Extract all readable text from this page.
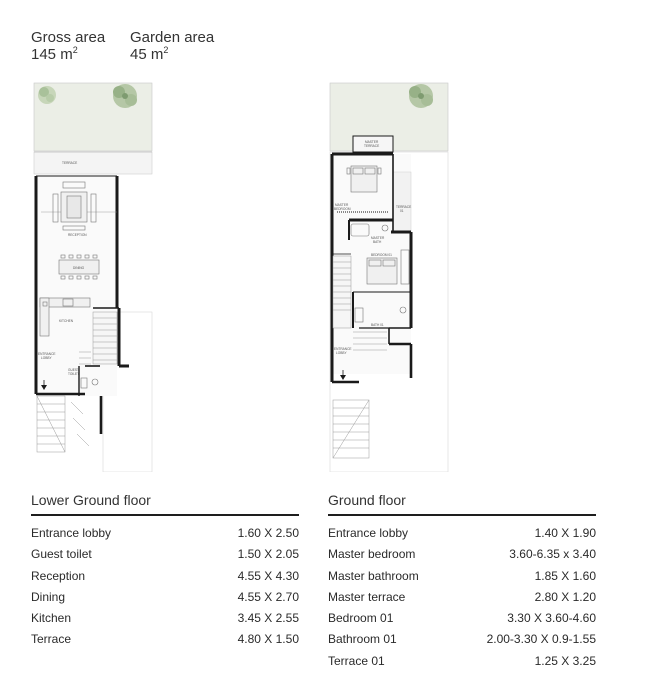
Gross area
145 $m^2$
Garden area
45 $m^2$
TERRACE
RECEPTION
DINING
KITCHEN
ENTRANCE
LOBBY
GUEST
TOILET
MASTER
TERRACE
TERRACE
01
MASTER
BEDROOM
MASTER
BATH
BEDROOM 01
BATH 01
ENTRANCE
LOBBY
Lower Ground floor
Entrance lobby	1.60 X 2.50
Guest toilet	1.50 X 2.05
Reception	4.55 X 4.30
Dining	4.55 X 2.70
Kitchen	3.45 X 2.55
Terrace	4.80 X 1.50
Ground floor
Entrance lobby	1.40 X 1.90
Master bedroom	3.60-6.35 x 3.40
Master bathroom	1.85 X 1.60
Master terrace	2.80 X 1.20
Bedroom 01	3.30 X 3.60-4.60
Bathroom 01	2.00-3.30 X 0.9-1.55
Terrace 01	1.25 X 3.25
